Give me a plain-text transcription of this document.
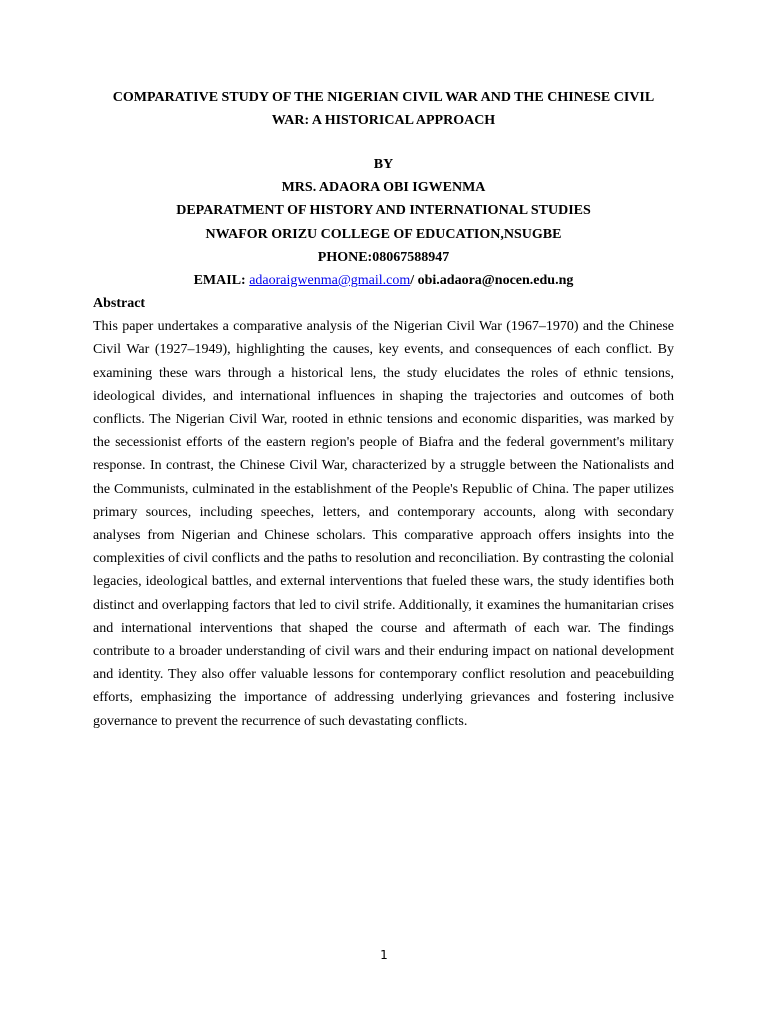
COMPARATIVE STUDY OF THE NIGERIAN CIVIL WAR AND THE CHINESE CIVIL WAR: A HISTORICAL APPROACH
BY
MRS. ADAORA OBI IGWENMA
DEPARATMENT OF HISTORY AND INTERNATIONAL STUDIES
NWAFOR ORIZU COLLEGE OF EDUCATION,NSUGBE
PHONE:08067588947
EMAIL: adaoraigwenma@gmail.com/ obi.adaora@nocen.edu.ng

Abstract

This paper undertakes a comparative analysis of the Nigerian Civil War (1967–1970) and the Chinese Civil War (1927–1949), highlighting the causes, key events, and consequences of each conflict. By examining these wars through a historical lens, the study elucidates the roles of ethnic tensions, ideological divides, and international influences in shaping the trajectories and outcomes of both conflicts. The Nigerian Civil War, rooted in ethnic tensions and economic disparities, was marked by the secessionist efforts of the eastern region's people of Biafra and the federal government's military response. In contrast, the Chinese Civil War, characterized by a struggle between the Nationalists and the Communists, culminated in the establishment of the People's Republic of China. The paper utilizes primary sources, including speeches, letters, and contemporary accounts, along with secondary analyses from Nigerian and Chinese scholars. This comparative approach offers insights into the complexities of civil conflicts and the paths to resolution and reconciliation. By contrasting the colonial legacies, ideological battles, and external interventions that fueled these wars, the study identifies both distinct and overlapping factors that led to civil strife. Additionally, it examines the humanitarian crises and international interventions that shaped the course and aftermath of each war. The findings contribute to a broader understanding of civil wars and their enduring impact on national development and identity. They also offer valuable lessons for contemporary conflict resolution and peacebuilding efforts, emphasizing the importance of addressing underlying grievances and fostering inclusive governance to prevent the recurrence of such devastating conflicts.

1
